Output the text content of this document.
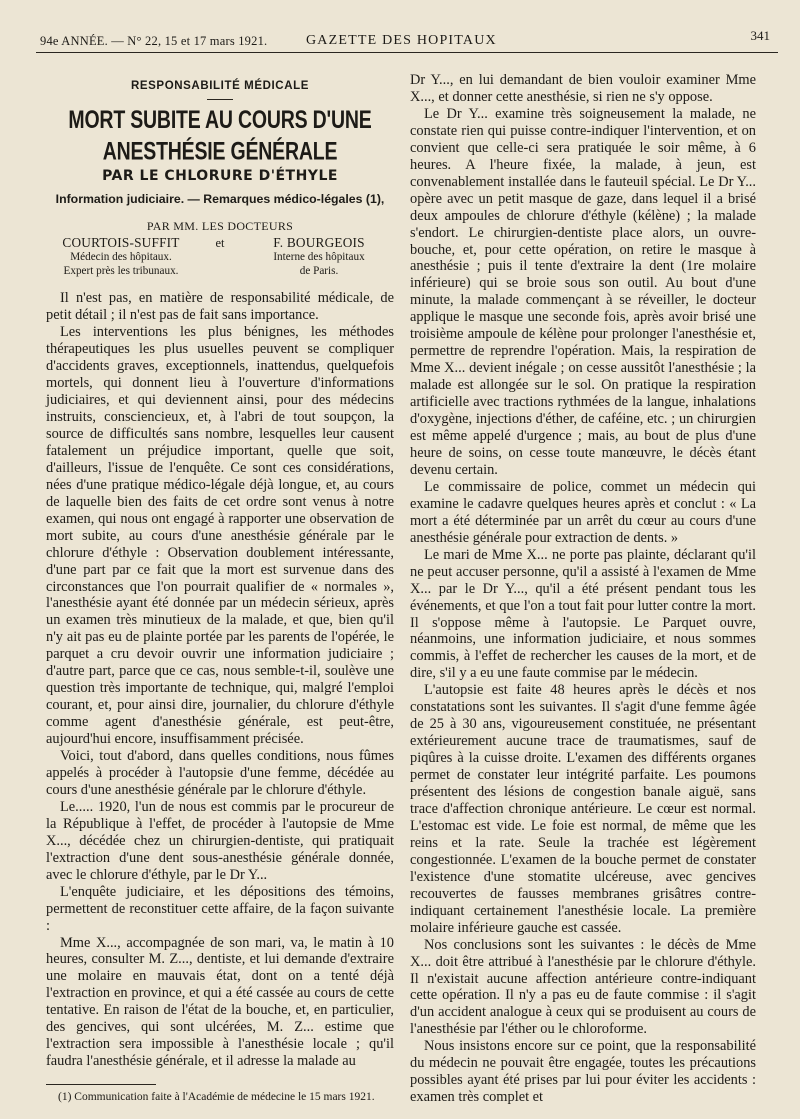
94e ANNÉE. — N° 22, 15 et 17 mars 1921.	GAZETTE DES HOPITAUX	341
RESPONSABILITÉ MÉDICALE
MORT SUBITE AU COURS D'UNE ANESTHÉSIE GÉNÉRALE
PAR LE CHLORURE D'ÉTHYLE
Information judiciaire. — Remarques médico-légales (1),
PAR MM. LES DOCTEURS
COURTOIS-SUFFIT
Médecin des hôpitaux.
Expert près les tribunaux.
et	F. BOURGEOIS
Interne des hôpitaux
de Paris.

Il n'est pas, en matière de responsabilité médicale, de petit détail ; il n'est pas de fait sans importance.

Les interventions les plus bénignes, les méthodes thérapeutiques les plus usuelles peuvent se compliquer d'accidents graves, exceptionnels, inattendus, quelquefois mortels, qui donnent lieu à l'ouverture d'informations judiciaires, et qui deviennent ainsi, pour des médecins instruits, consciencieux, et, à l'abri de tout soupçon, la source de difficultés sans nombre, lesquelles leur causent fatalement un préjudice important, quelle que soit, d'ailleurs, l'issue de l'enquête. Ce sont ces considérations, nées d'une pratique médico-légale déjà longue, et, au cours de laquelle bien des faits de cet ordre sont venus à notre examen, qui nous ont engagé à rapporter une observation de mort subite, au cours d'une anesthésie générale par le chlorure d'éthyle : Observation doublement intéressante, d'une part par ce fait que la mort est survenue dans des circonstances que l'on pourrait qualifier de « normales », l'anesthésie ayant été donnée par un médecin sérieux, après un examen très minutieux de la malade, et que, bien qu'il n'y ait pas eu de plainte portée par les parents de l'opérée, le parquet a cru devoir ouvrir une information judiciaire ; d'autre part, parce que ce cas, nous semble-t-il, soulève une question très importante de technique, qui, malgré l'emploi courant, et, pour ainsi dire, journalier, du chlorure d'éthyle comme agent d'anesthésie générale, est peut-être, aujourd'hui encore, insuffisamment précisée.

Voici, tout d'abord, dans quelles conditions, nous fûmes appelés à procéder à l'autopsie d'une femme, décédée au cours d'une anesthésie générale par le chlorure d'éthyle.

Le..... 1920, l'un de nous est commis par le procureur de la République à l'effet, de procéder à l'autopsie de Mme X..., décédée chez un chirurgien-dentiste, qui pratiquait l'extraction d'une dent sous-anesthésie générale donnée, avec le chlorure d'éthyle, par le Dr Y...

L'enquête judiciaire, et les dépositions des témoins, permettent de reconstituer cette affaire, de la façon suivante :

Mme X..., accompagnée de son mari, va, le matin à 10 heures, consulter M. Z..., dentiste, et lui demande d'extraire une molaire en mauvais état, dont on a tenté déjà l'extraction en province, et qui a été cassée au cours de cette tentative. En raison de l'état de la bouche, et, en particulier, des gencives, qui sont ulcérées, M. Z... estime que l'extraction sera impossible à l'anesthésie locale ; qu'il faudra l'anesthésie générale, et il adresse la malade au

(1) Communication faite à l'Académie de médecine le 15 mars 1921.

Dr Y..., en lui demandant de bien vouloir examiner Mme X..., et donner cette anesthésie, si rien ne s'y oppose.

Le Dr Y... examine très soigneusement la malade, ne constate rien qui puisse contre-indiquer l'intervention, et on convient que celle-ci sera pratiquée le soir même, à 6 heures. A l'heure fixée, la malade, à jeun, est convenablement installée dans le fauteuil spécial. Le Dr Y... opère avec un petit masque de gaze, dans lequel il a brisé deux ampoules de chlorure d'éthyle (kélène) ; la malade s'endort. Le chirurgien-dentiste place alors, un ouvre-bouche, et, pour cette opération, on retire le masque à anesthésie ; puis il tente d'extraire la dent (1re molaire inférieure) qui se broie sous son outil. Au bout d'une minute, la malade commençant à se réveiller, le docteur applique le masque une seconde fois, après avoir brisé une troisième ampoule de kélène pour prolonger l'anesthésie et, permettre de reprendre l'opération. Mais, la respiration de Mme X... devient inégale ; on cesse aussitôt l'anesthésie ; la malade est allongée sur le sol. On pratique la respiration artificielle avec tractions rythmées de la langue, inhalations d'oxygène, injections d'éther, de caféine, etc. ; un chirurgien est même appelé d'urgence ; mais, au bout de plus d'une heure de soins, on cesse toute manœuvre, le décès étant devenu certain.

Le commissaire de police, commet un médecin qui examine le cadavre quelques heures après et conclut : « La mort a été déterminée par un arrêt du cœur au cours d'une anesthésie générale pour extraction de dents. »

Le mari de Mme X... ne porte pas plainte, déclarant qu'il ne peut accuser personne, qu'il a assisté à l'examen de Mme X... par le Dr Y..., qu'il a été présent pendant tous les événements, et que l'on a tout fait pour lutter contre la mort. Il s'oppose même à l'autopsie. Le Parquet ouvre, néanmoins, une information judiciaire, et nous sommes commis, à l'effet de rechercher les causes de la mort, et de dire, s'il y a eu une faute commise par le médecin.

L'autopsie est faite 48 heures après le décès et nos constatations sont les suivantes. Il s'agit d'une femme âgée de 25 à 30 ans, vigoureusement constituée, ne présentant extérieurement aucune trace de traumatismes, sauf de piqûres à la cuisse droite. L'examen des différents organes permet de constater leur intégrité parfaite. Les poumons présentent des lésions de congestion banale aiguë, sans trace d'affection chronique antérieure. Le cœur est normal. L'estomac est vide. Le foie est normal, de même que les reins et la rate. Seule la trachée est légèrement congestionnée. L'examen de la bouche permet de constater l'existence d'une stomatite ulcéreuse, avec gencives recouvertes de fausses membranes grisâtres contre-indiquant certainement l'anesthésie locale. La première molaire inférieure gauche est cassée.

Nos conclusions sont les suivantes : le décès de Mme X... doit être attribué à l'anesthésie par le chlorure d'éthyle. Il n'existait aucune affection antérieure contre-indiquant cette opération. Il n'y a pas eu de faute commise : il s'agit d'un accident analogue à ceux qui se produisent au cours de l'anesthésie par l'éther ou le chloroforme.

Nous insistons encore sur ce point, que la responsabilité du médecin ne pouvait être engagée, toutes les précautions possibles ayant été prises par lui pour éviter les accidents : examen très complet et
